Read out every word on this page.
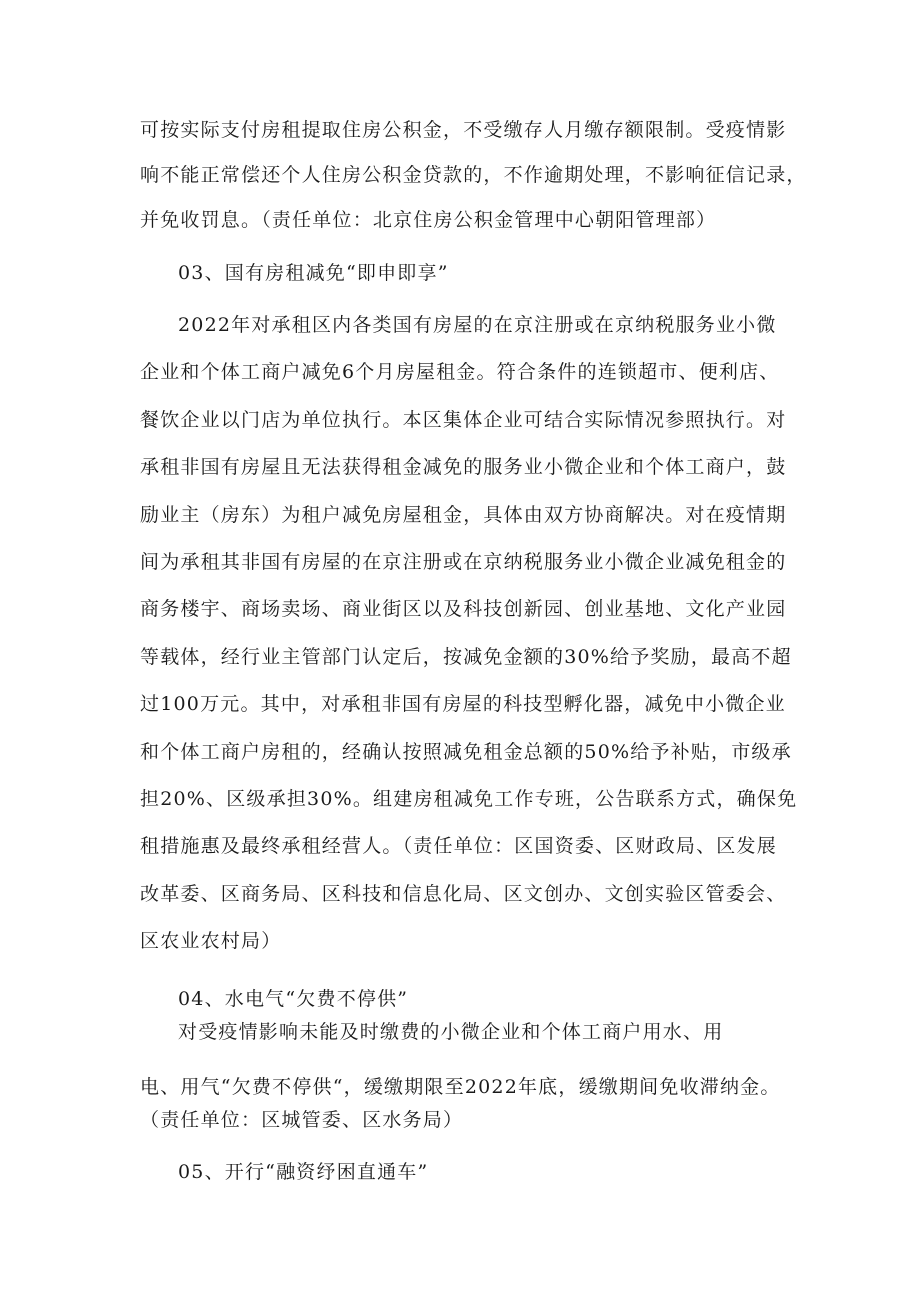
可按实际支付房租提取住房公积金，不受缴存人月缴存额限制。受疫情影
响不能正常偿还个人住房公积金贷款的，不作逾期处理，不影响征信记录，
并免收罚息。（责任单位：北京住房公积金管理中心朝阳管理部）
03、国有房租减免“即申即享”
2022年对承租区内各类国有房屋的在京注册或在京纳税服务业小微
企业和个体工商户减免6个月房屋租金。符合条件的连锁超市、便利店、
餐饮企业以门店为单位执行。本区集体企业可结合实际情况参照执行。对
承租非国有房屋且无法获得租金减免的服务业小微企业和个体工商户，鼓
励业主（房东）为租户减免房屋租金，具体由双方协商解决。对在疫情期
间为承租其非国有房屋的在京注册或在京纳税服务业小微企业减免租金的
商务楼宇、商场卖场、商业街区以及科技创新园、创业基地、文化产业园
等载体，经行业主管部门认定后，按减免金额的30%给予奖励，最高不超
过100万元。其中，对承租非国有房屋的科技型孵化器，减免中小微企业
和个体工商户房租的，经确认按照减免租金总额的50%给予补贴，市级承
担20%、区级承担30%。组建房租减免工作专班，公告联系方式，确保免
租措施惠及最终承租经营人。（责任单位：区国资委、区财政局、区发展
改革委、区商务局、区科技和信息化局、区文创办、文创实验区管委会、
区农业农村局）
04、水电气“欠费不停供”
对受疫情影响未能及时缴费的小微企业和个体工商户用水、用
电、用气“欠费不停供“，缓缴期限至2022年底，缓缴期间免收滞纳金。
（责任单位：区城管委、区水务局）
05、开行“融资纾困直通车”
